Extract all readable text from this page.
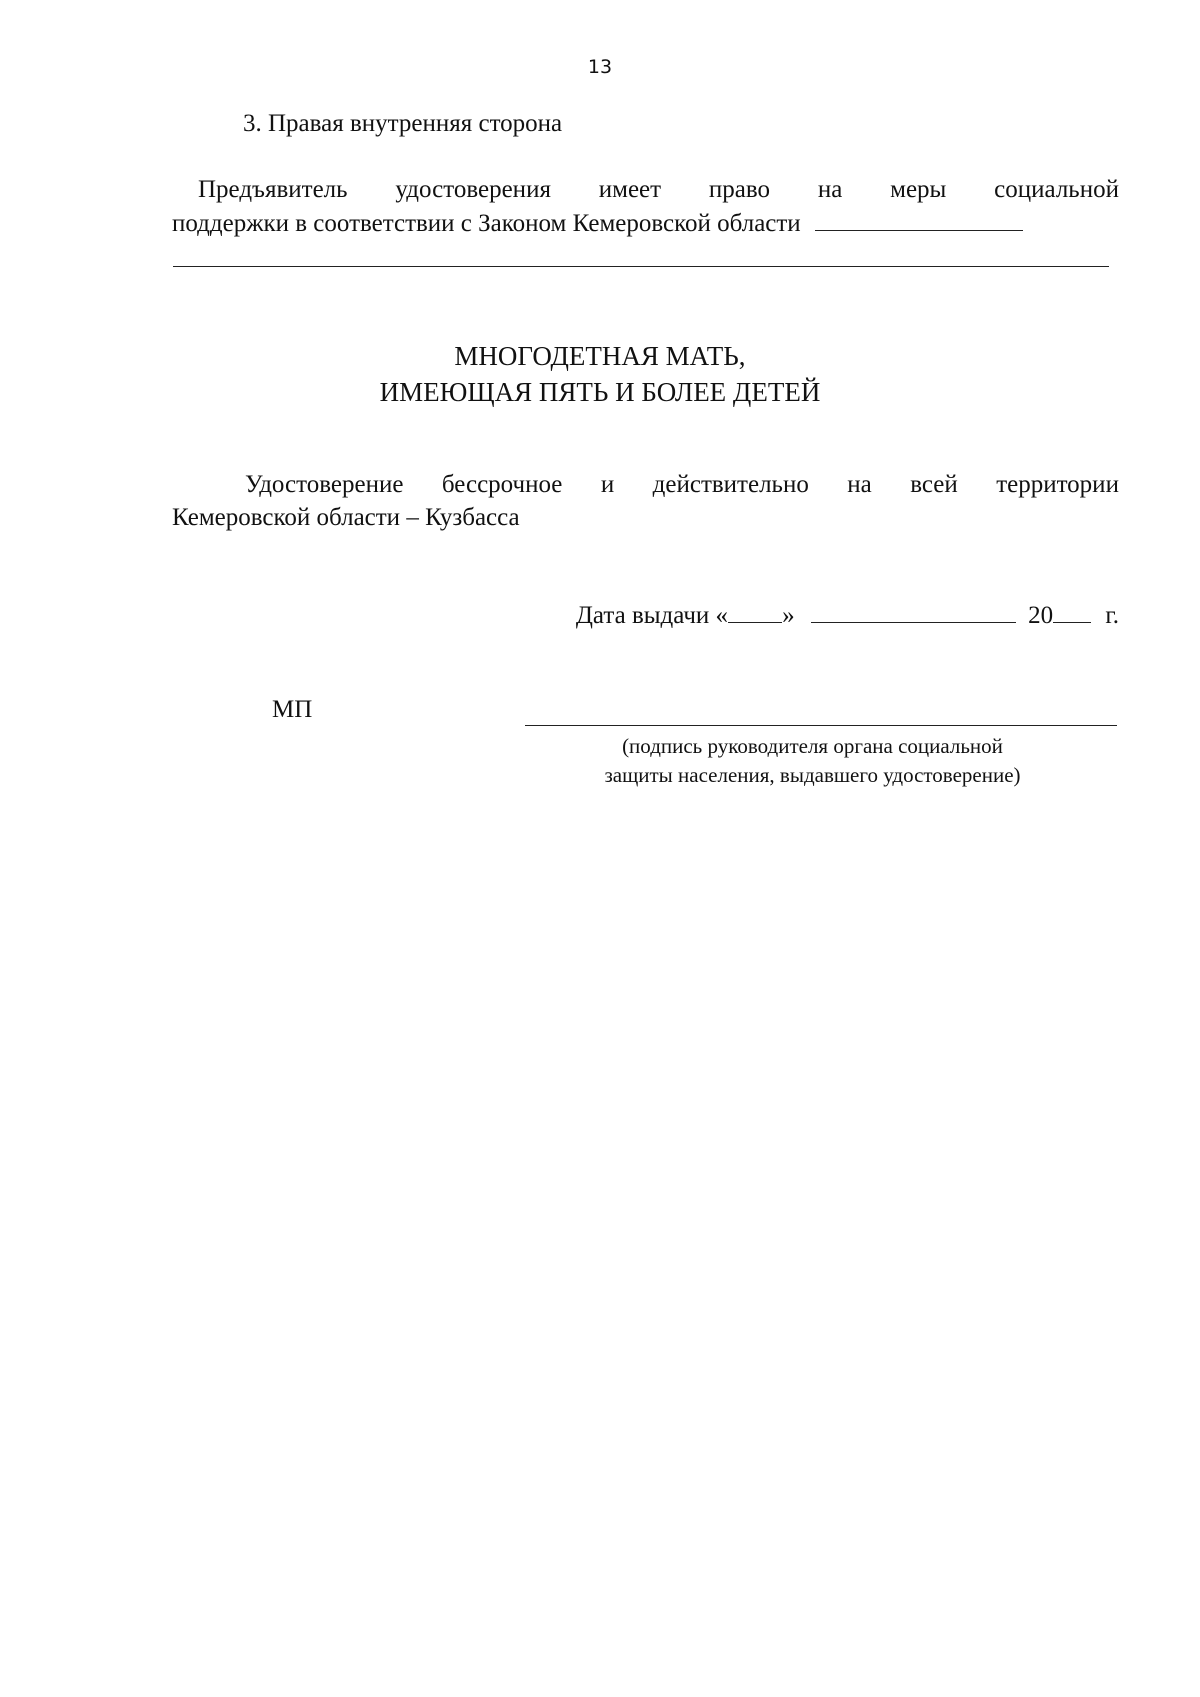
13
3. Правая внутренняя сторона
Предъявитель удостоверения имеет право на меры социальной
поддержки в соответствии с Законом Кемеровской области
МНОГОДЕТНАЯ МАТЬ,
ИМЕЮЩАЯ ПЯТЬ И БОЛЕЕ ДЕТЕЙ
Удостоверение бессрочное и действительно на всей территории
Кемеровской области – Кузбасса
Дата выдачи « »	20 г.
МП
(подпись руководителя органа социальной
защиты населения, выдавшего удостоверение)
